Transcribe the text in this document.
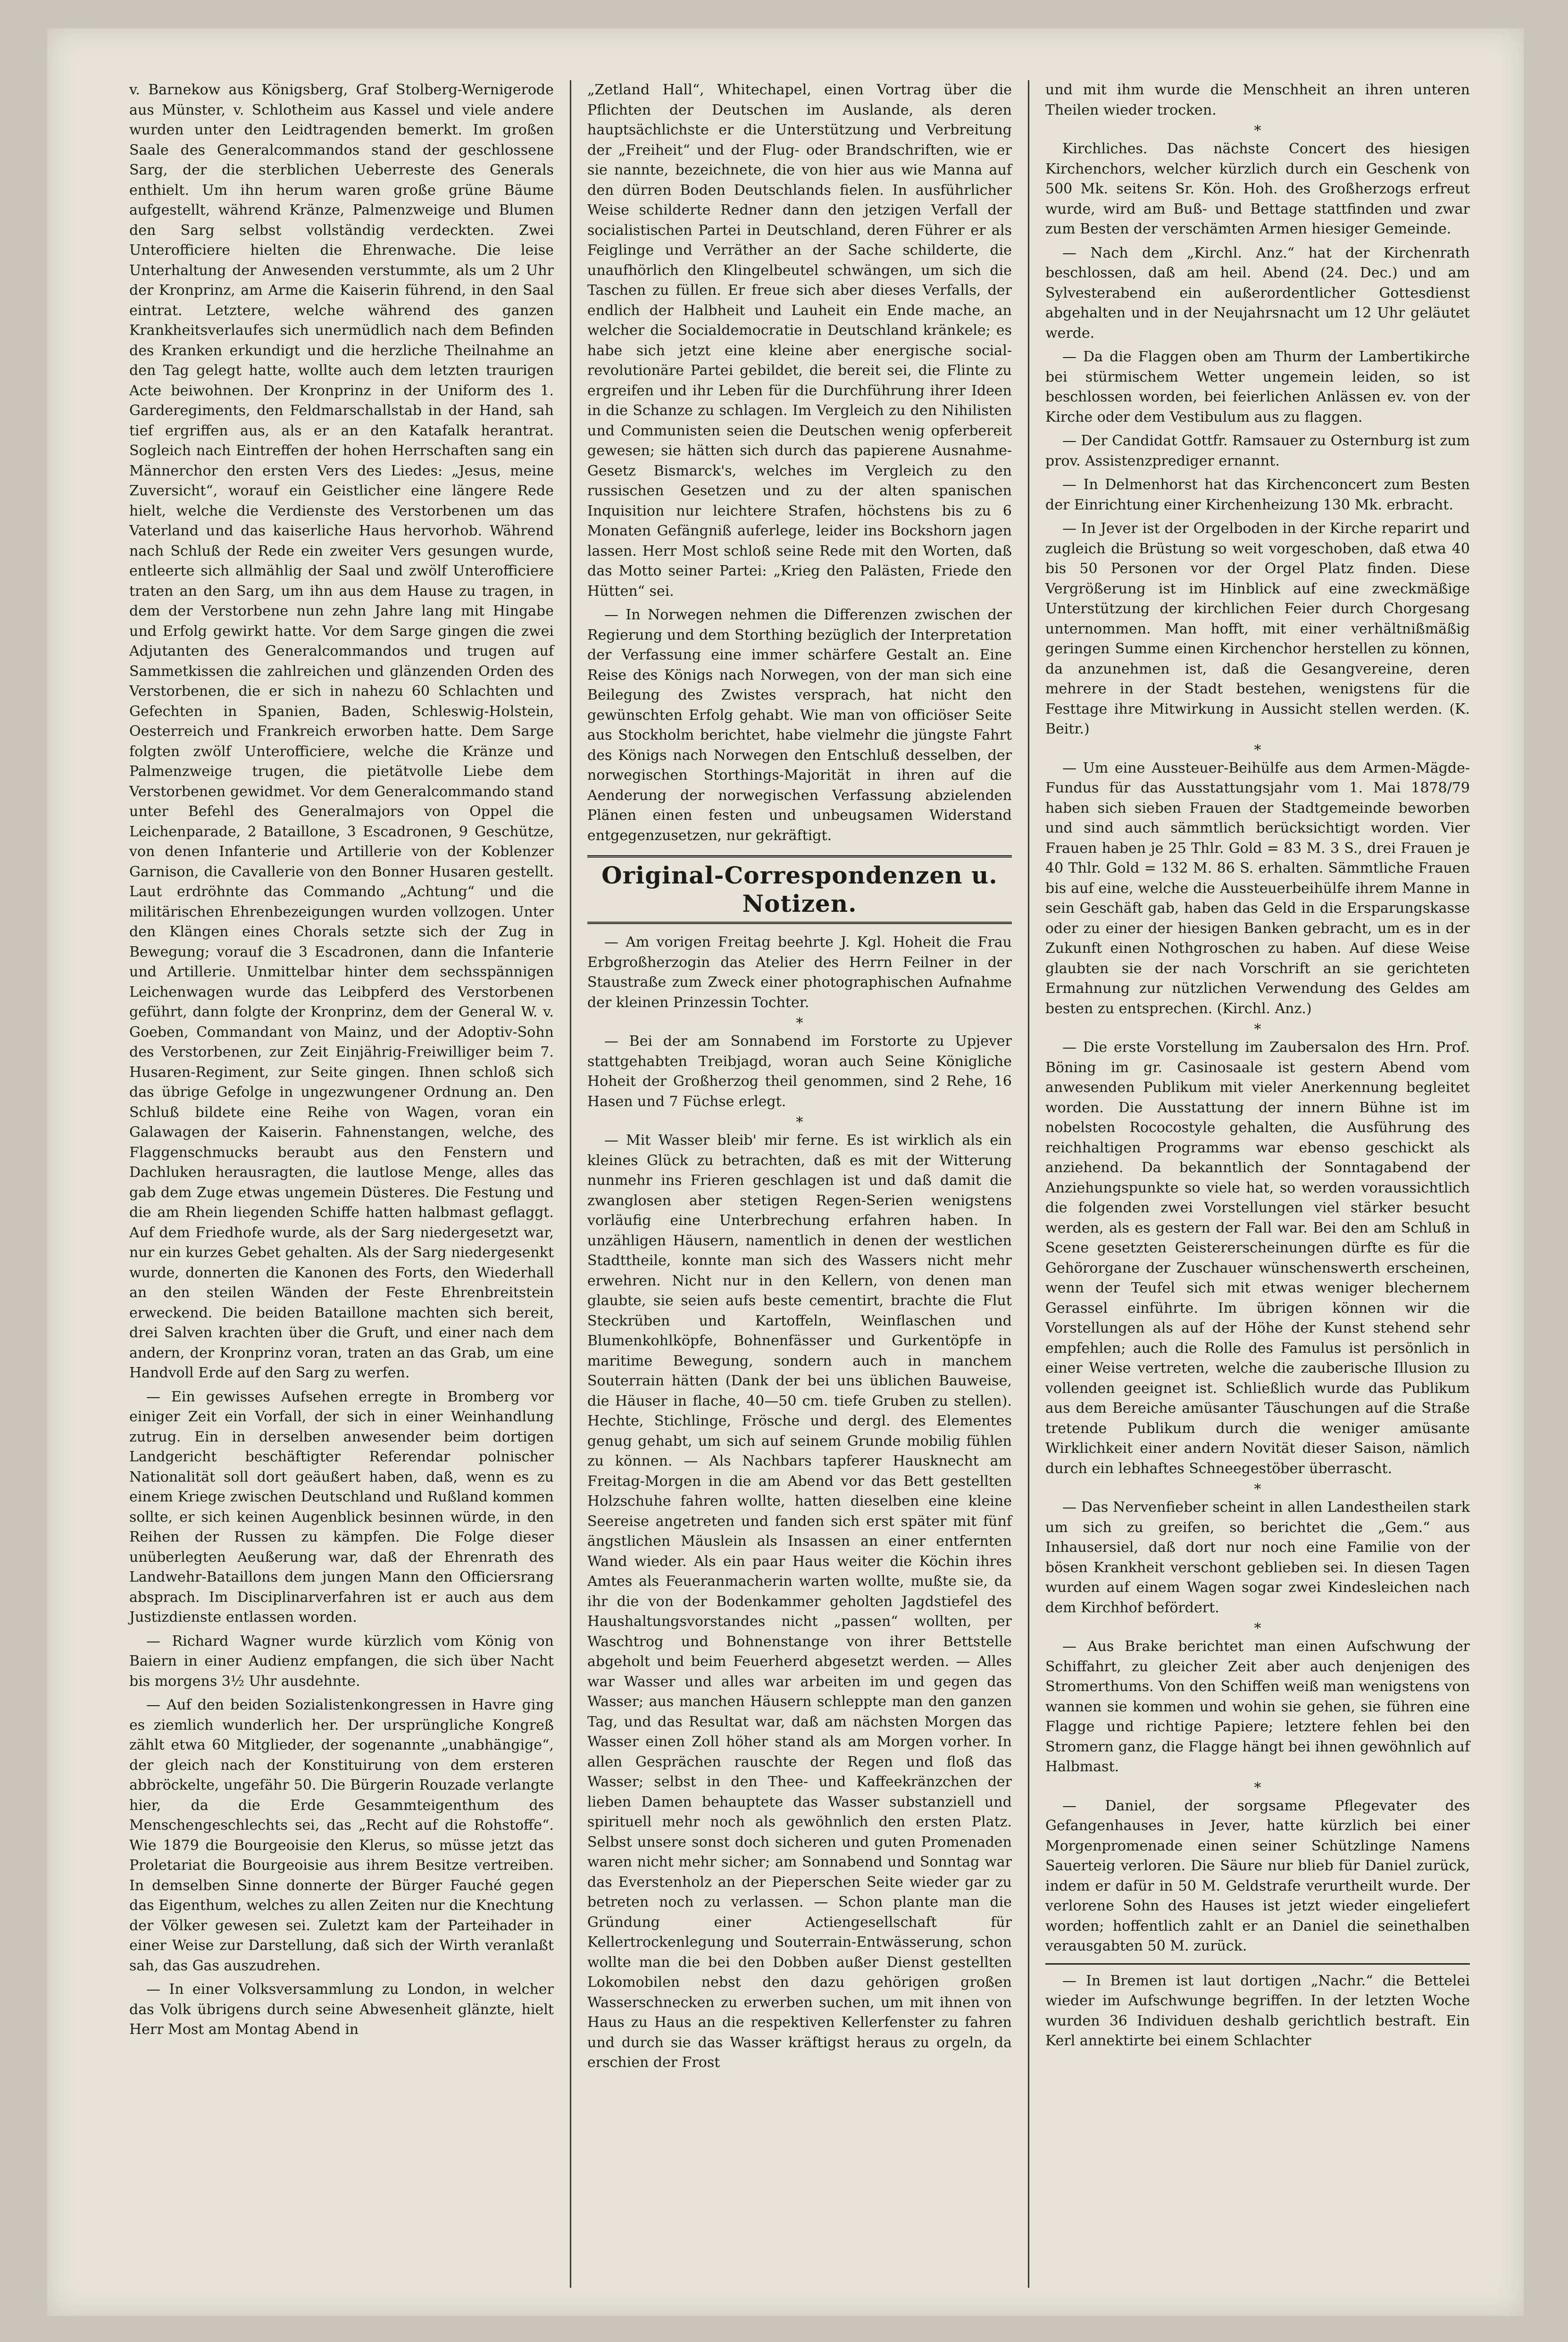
v. Barnekow aus Königsberg, Graf Stolberg-Wernigerode aus Münster, v. Schlotheim aus Kassel und viele andere wurden unter den Leidtragenden bemerkt. Im großen Saale des Generalcommandos stand der geschlossene Sarg, der die sterblichen Ueberreste des Generals enthielt. Um ihn herum waren große grüne Bäume aufgestellt, während Kränze, Palmenzweige und Blumen den Sarg selbst vollständig verdeckten. Zwei Unterofficiere hielten die Ehrenwache. Die leise Unterhaltung der Anwesenden verstummte, als um 2 Uhr der Kronprinz, am Arme die Kaiserin führend, in den Saal eintrat. Letztere, welche während des ganzen Krankheitsverlaufes sich unermüdlich nach dem Befinden des Kranken erkundigt und die herzliche Theilnahme an den Tag gelegt hatte, wollte auch dem letzten traurigen Acte beiwohnen. Der Kronprinz in der Uniform des 1. Garderegiments, den Feldmarschallstab in der Hand, sah tief ergriffen aus, als er an den Katafalk herantrat. Sogleich nach Eintreffen der hohen Herrschaften sang ein Männerchor den ersten Vers des Liedes: „Jesus, meine Zuversicht“, worauf ein Geistlicher eine längere Rede hielt, welche die Verdienste des Verstorbenen um das Vaterland und das kaiserliche Haus hervorhob. Während nach Schluß der Rede ein zweiter Vers gesungen wurde, entleerte sich allmählig der Saal und zwölf Unterofficiere traten an den Sarg, um ihn aus dem Hause zu tragen, in dem der Verstorbene nun zehn Jahre lang mit Hingabe und Erfolg gewirkt hatte. Vor dem Sarge gingen die zwei Adjutanten des Generalcommandos und trugen auf Sammetkissen die zahlreichen und glänzenden Orden des Verstorbenen, die er sich in nahezu 60 Schlachten und Gefechten in Spanien, Baden, Schleswig-Holstein, Oesterreich und Frankreich erworben hatte. Dem Sarge folgten zwölf Unterofficiere, welche die Kränze und Palmenzweige trugen, die pietätvolle Liebe dem Verstorbenen gewidmet. Vor dem Generalcommando stand unter Befehl des Generalmajors von Oppel die Leichenparade, 2 Bataillone, 3 Escadronen, 9 Geschütze, von denen Infanterie und Artillerie von der Koblenzer Garnison, die Cavallerie von den Bonner Husaren gestellt. Laut erdröhnte das Commando „Achtung“ und die militärischen Ehrenbezeigungen wurden vollzogen. Unter den Klängen eines Chorals setzte sich der Zug in Bewegung; vorauf die 3 Escadronen, dann die Infanterie und Artillerie. Unmittelbar hinter dem sechsspännigen Leichenwagen wurde das Leibpferd des Verstorbenen geführt, dann folgte der Kronprinz, dem der General W. v. Goeben, Commandant von Mainz, und der Adoptiv-Sohn des Verstorbenen, zur Zeit Einjährig-Freiwilliger beim 7. Husaren-Regiment, zur Seite gingen. Ihnen schloß sich das übrige Gefolge in ungezwungener Ordnung an. Den Schluß bildete eine Reihe von Wagen, voran ein Galawagen der Kaiserin. Fahnenstangen, welche, des Flaggenschmucks beraubt aus den Fenstern und Dachluken herausragten, die lautlose Menge, alles das gab dem Zuge etwas ungemein Düsteres. Die Festung und die am Rhein liegenden Schiffe hatten halbmast geflaggt. Auf dem Friedhofe wurde, als der Sarg niedergesetzt war, nur ein kurzes Gebet gehalten. Als der Sarg niedergesenkt wurde, donnerten die Kanonen des Forts, den Wiederhall an den steilen Wänden der Feste Ehrenbreitstein erweckend. Die beiden Bataillone machten sich bereit, drei Salven krachten über die Gruft, und einer nach dem andern, der Kronprinz voran, traten an das Grab, um eine Handvoll Erde auf den Sarg zu werfen.

— Ein gewisses Aufsehen erregte in Bromberg vor einiger Zeit ein Vorfall, der sich in einer Weinhandlung zutrug. Ein in derselben anwesender beim dortigen Landgericht beschäftigter Referendar polnischer Nationalität soll dort geäußert haben, daß, wenn es zu einem Kriege zwischen Deutschland und Rußland kommen sollte, er sich keinen Augenblick besinnen würde, in den Reihen der Russen zu kämpfen. Die Folge dieser unüberlegten Aeußerung war, daß der Ehrenrath des Landwehr-Bataillons dem jungen Mann den Officiersrang absprach. Im Disciplinarverfahren ist er auch aus dem Justizdienste entlassen worden.

— Richard Wagner wurde kürzlich vom König von Baiern in einer Audienz empfangen, die sich über Nacht bis morgens 3½ Uhr ausdehnte.

— Auf den beiden Sozialistenkongressen in Havre ging es ziemlich wunderlich her. Der ursprüngliche Kongreß zählt etwa 60 Mitglieder, der sogenannte „unabhängige“, der gleich nach der Konstituirung von dem ersteren abbröckelte, ungefähr 50. Die Bürgerin Rouzade verlangte hier, da die Erde Gesammteigenthum des Menschengeschlechts sei, das „Recht auf die Rohstoffe“. Wie 1879 die Bourgeoisie den Klerus, so müsse jetzt das Proletariat die Bourgeoisie aus ihrem Besitze vertreiben. In demselben Sinne donnerte der Bürger Fauché gegen das Eigenthum, welches zu allen Zeiten nur die Knechtung der Völker gewesen sei. Zuletzt kam der Parteihader in einer Weise zur Darstellung, daß sich der Wirth veranlaßt sah, das Gas auszudrehen.

— In einer Volksversammlung zu London, in welcher das Volk übrigens durch seine Abwesenheit glänzte, hielt Herr Most am Montag Abend in

„Zetland Hall“, Whitechapel, einen Vortrag über die Pflichten der Deutschen im Auslande, als deren hauptsächlichste er die Unterstützung und Verbreitung der „Freiheit“ und der Flug- oder Brandschriften, wie er sie nannte, bezeichnete, die von hier aus wie Manna auf den dürren Boden Deutschlands fielen. In ausführlicher Weise schilderte Redner dann den jetzigen Verfall der socialistischen Partei in Deutschland, deren Führer er als Feiglinge und Verräther an der Sache schilderte, die unaufhörlich den Klingelbeutel schwängen, um sich die Taschen zu füllen. Er freue sich aber dieses Verfalls, der endlich der Halbheit und Lauheit ein Ende mache, an welcher die Socialdemocratie in Deutschland kränkele; es habe sich jetzt eine kleine aber energische social-revolutionäre Partei gebildet, die bereit sei, die Flinte zu ergreifen und ihr Leben für die Durchführung ihrer Ideen in die Schanze zu schlagen. Im Vergleich zu den Nihilisten und Communisten seien die Deutschen wenig opferbereit gewesen; sie hätten sich durch das papierene Ausnahme-Gesetz Bismarck's, welches im Vergleich zu den russischen Gesetzen und zu der alten spanischen Inquisition nur leichtere Strafen, höchstens bis zu 6 Monaten Gefängniß auferlege, leider ins Bockshorn jagen lassen. Herr Most schloß seine Rede mit den Worten, daß das Motto seiner Partei: „Krieg den Palästen, Friede den Hütten“ sei.

— In Norwegen nehmen die Differenzen zwischen der Regierung und dem Storthing bezüglich der Interpretation der Verfassung eine immer schärfere Gestalt an. Eine Reise des Königs nach Norwegen, von der man sich eine Beilegung des Zwistes versprach, hat nicht den gewünschten Erfolg gehabt. Wie man von officiöser Seite aus Stockholm berichtet, habe vielmehr die jüngste Fahrt des Königs nach Norwegen den Entschluß desselben, der norwegischen Storthings-Majorität in ihren auf die Aenderung der norwegischen Verfassung abzielenden Plänen einen festen und unbeugsamen Widerstand entgegenzusetzen, nur gekräftigt.

Original-Correspondenzen u. Notizen.

— Am vorigen Freitag beehrte J. Kgl. Hoheit die Frau Erbgroßherzogin das Atelier des Herrn Feilner in der Staustraße zum Zweck einer photographischen Aufnahme der kleinen Prinzessin Tochter.

*

— Bei der am Sonnabend im Forstorte zu Upjever stattgehabten Treibjagd, woran auch Seine Königliche Hoheit der Großherzog theil genommen, sind 2 Rehe, 16 Hasen und 7 Füchse erlegt.

*

— Mit Wasser bleib' mir ferne. Es ist wirklich als ein kleines Glück zu betrachten, daß es mit der Witterung nunmehr ins Frieren geschlagen ist und daß damit die zwanglosen aber stetigen Regen-Serien wenigstens vorläufig eine Unterbrechung erfahren haben. In unzähligen Häusern, namentlich in denen der westlichen Stadttheile, konnte man sich des Wassers nicht mehr erwehren. Nicht nur in den Kellern, von denen man glaubte, sie seien aufs beste cementirt, brachte die Flut Steckrüben und Kartoffeln, Weinflaschen und Blumenkohlköpfe, Bohnenfässer und Gurkentöpfe in maritime Bewegung, sondern auch in manchem Souterrain hätten (Dank der bei uns üblichen Bauweise, die Häuser in flache, 40—50 cm. tiefe Gruben zu stellen). Hechte, Stichlinge, Frösche und dergl. des Elementes genug gehabt, um sich auf seinem Grunde mobilig fühlen zu können. — Als Nachbars tapferer Hausknecht am Freitag-Morgen in die am Abend vor das Bett gestellten Holzschuhe fahren wollte, hatten dieselben eine kleine Seereise angetreten und fanden sich erst später mit fünf ängstlichen Mäuslein als Insassen an einer entfernten Wand wieder. Als ein paar Haus weiter die Köchin ihres Amtes als Feueranmacherin warten wollte, mußte sie, da ihr die von der Bodenkammer geholten Jagdstiefel des Haushaltungsvorstandes nicht „passen“ wollten, per Waschtrog und Bohnenstange von ihrer Bettstelle abgeholt und beim Feuerherd abgesetzt werden. — Alles war Wasser und alles war arbeiten im und gegen das Wasser; aus manchen Häusern schleppte man den ganzen Tag, und das Resultat war, daß am nächsten Morgen das Wasser einen Zoll höher stand als am Morgen vorher. In allen Gesprächen rauschte der Regen und floß das Wasser; selbst in den Thee- und Kaffeekränzchen der lieben Damen behauptete das Wasser substanziell und spirituell mehr noch als gewöhnlich den ersten Platz. Selbst unsere sonst doch sicheren und guten Promenaden waren nicht mehr sicher; am Sonnabend und Sonntag war das Everstenholz an der Pieperschen Seite wieder gar zu betreten noch zu verlassen. — Schon plante man die Gründung einer Actiengesellschaft für Kellertrockenlegung und Souterrain-Entwässerung, schon wollte man die bei den Dobben außer Dienst gestellten Lokomobilen nebst den dazu gehörigen großen Wasserschnecken zu erwerben suchen, um mit ihnen von Haus zu Haus an die respektiven Kellerfenster zu fahren und durch sie das Wasser kräftigst heraus zu orgeln, da erschien der Frost

und mit ihm wurde die Menschheit an ihren unteren Theilen wieder trocken.

*

Kirchliches. Das nächste Concert des hiesigen Kirchenchors, welcher kürzlich durch ein Geschenk von 500 Mk. seitens Sr. Kön. Hoh. des Großherzogs erfreut wurde, wird am Buß- und Bettage stattfinden und zwar zum Besten der verschämten Armen hiesiger Gemeinde.

— Nach dem „Kirchl. Anz.“ hat der Kirchenrath beschlossen, daß am heil. Abend (24. Dec.) und am Sylvesterabend ein außerordentlicher Gottesdienst abgehalten und in der Neujahrsnacht um 12 Uhr geläutet werde.

— Da die Flaggen oben am Thurm der Lambertikirche bei stürmischem Wetter ungemein leiden, so ist beschlossen worden, bei feierlichen Anlässen ev. von der Kirche oder dem Vestibulum aus zu flaggen.

— Der Candidat Gottfr. Ramsauer zu Osternburg ist zum prov. Assistenzprediger ernannt.

— In Delmenhorst hat das Kirchenconcert zum Besten der Einrichtung einer Kirchenheizung 130 Mk. erbracht.

— In Jever ist der Orgelboden in der Kirche reparirt und zugleich die Brüstung so weit vorgeschoben, daß etwa 40 bis 50 Personen vor der Orgel Platz finden. Diese Vergrößerung ist im Hinblick auf eine zweckmäßige Unterstützung der kirchlichen Feier durch Chorgesang unternommen. Man hofft, mit einer verhältnißmäßig geringen Summe einen Kirchenchor herstellen zu können, da anzunehmen ist, daß die Gesangvereine, deren mehrere in der Stadt bestehen, wenigstens für die Festtage ihre Mitwirkung in Aussicht stellen werden. (K. Beitr.)

*

— Um eine Aussteuer-Beihülfe aus dem Armen-Mägde-Fundus für das Ausstattungsjahr vom 1. Mai 1878/79 haben sich sieben Frauen der Stadtgemeinde beworben und sind auch sämmtlich berücksichtigt worden. Vier Frauen haben je 25 Thlr. Gold = 83 M. 3 S., drei Frauen je 40 Thlr. Gold = 132 M. 86 S. erhalten. Sämmtliche Frauen bis auf eine, welche die Aussteuerbeihülfe ihrem Manne in sein Geschäft gab, haben das Geld in die Ersparungskasse oder zu einer der hiesigen Banken gebracht, um es in der Zukunft einen Nothgroschen zu haben. Auf diese Weise glaubten sie der nach Vorschrift an sie gerichteten Ermahnung zur nützlichen Verwendung des Geldes am besten zu entsprechen. (Kirchl. Anz.)

*

— Die erste Vorstellung im Zaubersalon des Hrn. Prof. Böning im gr. Casinosaale ist gestern Abend vom anwesenden Publikum mit vieler Anerkennung begleitet worden. Die Ausstattung der innern Bühne ist im nobelsten Rococostyle gehalten, die Ausführung des reichhaltigen Programms war ebenso geschickt als anziehend. Da bekanntlich der Sonntagabend der Anziehungspunkte so viele hat, so werden voraussichtlich die folgenden zwei Vorstellungen viel stärker besucht werden, als es gestern der Fall war. Bei den am Schluß in Scene gesetzten Geistererscheinungen dürfte es für die Gehörorgane der Zuschauer wünschenswerth erscheinen, wenn der Teufel sich mit etwas weniger blechernem Gerassel einführte. Im übrigen können wir die Vorstellungen als auf der Höhe der Kunst stehend sehr empfehlen; auch die Rolle des Famulus ist persönlich in einer Weise vertreten, welche die zauberische Illusion zu vollenden geeignet ist. Schließlich wurde das Publikum aus dem Bereiche amüsanter Täuschungen auf die Straße tretende Publikum durch die weniger amüsante Wirklichkeit einer andern Novität dieser Saison, nämlich durch ein lebhaftes Schneegestöber überrascht.

*

— Das Nervenfieber scheint in allen Landestheilen stark um sich zu greifen, so berichtet die „Gem.“ aus Inhausersiel, daß dort nur noch eine Familie von der bösen Krankheit verschont geblieben sei. In diesen Tagen wurden auf einem Wagen sogar zwei Kindesleichen nach dem Kirchhof befördert.

*

— Aus Brake berichtet man einen Aufschwung der Schiffahrt, zu gleicher Zeit aber auch denjenigen des Stromerthums. Von den Schiffen weiß man wenigstens von wannen sie kommen und wohin sie gehen, sie führen eine Flagge und richtige Papiere; letztere fehlen bei den Stromern ganz, die Flagge hängt bei ihnen gewöhnlich auf Halbmast.

*

— Daniel, der sorgsame Pflegevater des Gefangenhauses in Jever, hatte kürzlich bei einer Morgenpromenade einen seiner Schützlinge Namens Sauerteig verloren. Die Säure nur blieb für Daniel zurück, indem er dafür in 50 M. Geldstrafe verurtheilt wurde. Der verlorene Sohn des Hauses ist jetzt wieder eingeliefert worden; hoffentlich zahlt er an Daniel die seinethalben verausgabten 50 M. zurück.

— In Bremen ist laut dortigen „Nachr.“ die Bettelei wieder im Aufschwunge begriffen. In der letzten Woche wurden 36 Individuen deshalb gerichtlich bestraft. Ein Kerl annektirte bei einem Schlachter
